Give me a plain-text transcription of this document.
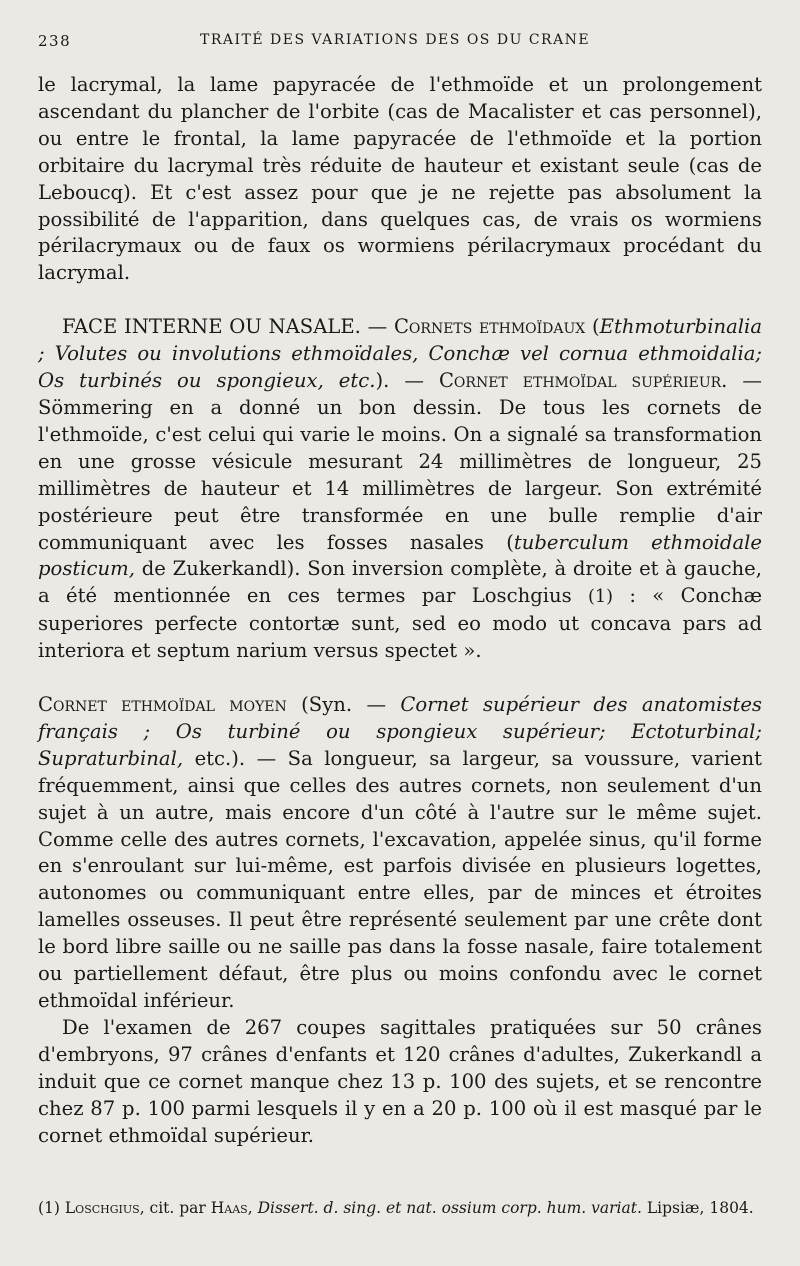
238	TRAITÉ DES VARIATIONS DES OS DU CRANE

le lacrymal, la lame papyracée de l'ethmoïde et un prolongement ascendant du plancher de l'orbite (cas de Macalister et cas personnel), ou entre le frontal, la lame papyracée de l'ethmoïde et la portion orbitaire du lacrymal très réduite de hauteur et existant seule (cas de Leboucq). Et c'est assez pour que je ne rejette pas absolument la possibilité de l'apparition, dans quelques cas, de vrais os wormiens périlacrymaux ou de faux os wormiens périlacrymaux procédant du lacrymal.

FACE INTERNE OU NASALE. — Cornets ethmoïdaux (Ethmoturbinalia ; Volutes ou involutions ethmoïdales, Conchæ vel cornua ethmoidalia; Os turbinés ou spongieux, etc.). — Cornet ethmoïdal supérieur. — Sömmering en a donné un bon dessin. De tous les cornets de l'ethmoïde, c'est celui qui varie le moins. On a signalé sa transformation en une grosse vésicule mesurant 24 millimètres de longueur, 25 millimètres de hauteur et 14 millimètres de largeur. Son extrémité postérieure peut être transformée en une bulle remplie d'air communiquant avec les fosses nasales (tuberculum ethmoidale posticum, de Zukerkandl). Son inversion complète, à droite et à gauche, a été mentionnée en ces termes par Loschgius (1) : « Conchæ superiores perfecte contortæ sunt, sed eo modo ut concava pars ad interiora et septum narium versus spectet ».

Cornet ethmoïdal moyen (Syn. — Cornet supérieur des anatomistes français ; Os turbiné ou spongieux supérieur; Ectoturbinal; Supraturbinal, etc.). — Sa longueur, sa largeur, sa voussure, varient fréquemment, ainsi que celles des autres cornets, non seulement d'un sujet à un autre, mais encore d'un côté à l'autre sur le même sujet. Comme celle des autres cornets, l'excavation, appelée sinus, qu'il forme en s'enroulant sur lui-même, est parfois divisée en plusieurs logettes, autonomes ou communiquant entre elles, par de minces et étroites lamelles osseuses. Il peut être représenté seulement par une crête dont le bord libre saille ou ne saille pas dans la fosse nasale, faire totalement ou partiellement défaut, être plus ou moins confondu avec le cornet ethmoïdal inférieur.

De l'examen de 267 coupes sagittales pratiquées sur 50 crânes d'embryons, 97 crânes d'enfants et 120 crânes d'adultes, Zukerkandl a induit que ce cornet manque chez 13 p. 100 des sujets, et se rencontre chez 87 p. 100 parmi lesquels il y en a 20 p. 100 où il est masqué par le cornet ethmoïdal supérieur.

(1) Loschgius, cit. par Haas, Dissert. d. sing. et nat. ossium corp. hum. variat. Lipsiæ, 1804.
